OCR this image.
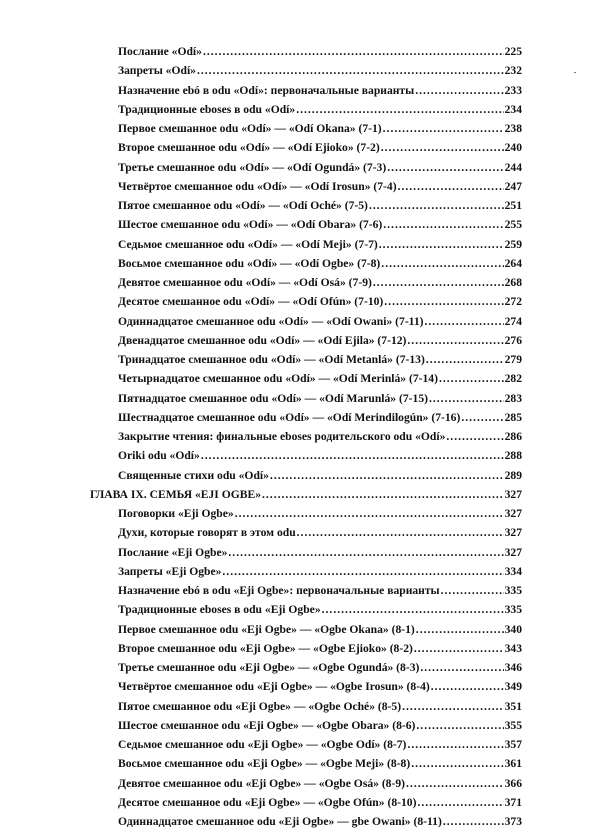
Послание «Odí» .....	225
Запреты «Odí» .....	232
Назначение ebó в odu «Odí»: первоначальные варианты .....	233
Традиционные eboses в odu «Odí» .....	234
Первое смешанное odu «Odí» — «Odí Okana» (7-1) .....	238
Второе смешанное odu «Odí» — «Odí Ejioko» (7-2) .....	240
Третье смешанное odu «Odí» — «Odí Ogundá» (7-3) .....	244
Четвёртое смешанное odu «Odí» — «Odí Irosun» (7-4) .....	247
Пятое смешанное odu «Odí» — «Odí Oché» (7-5) .....	251
Шестое смешанное odu «Odí» — «Odí Obara» (7-6) .....	255
Седьмое смешанное odu «Odí» — «Odí Meji» (7-7) .....	259
Восьмое смешанное odu «Odí» — «Odí Ogbe» (7-8) .....	264
Девятое смешанное odu «Odí» — «Odí Osá» (7-9) .....	268
Десятое смешанное odu «Odí» — «Odí Ofún» (7-10) .....	272
Одиннадцатое смешанное odu «Odí» — «Odí Owani» (7-11) .....	274
Двенадцатое смешанное odu «Odí» — «Odí Ejila» (7-12) .....	276
Тринадцатое смешанное odu «Odí» — «Odí Metanlá» (7-13) .....	279
Четырнадцатое смешанное odu «Odí» — «Odí Merinlá» (7-14) .....	282
Пятнадцатое смешанное odu «Odí» — «Odí Marunlá» (7-15) .....	283
Шестнадцатое смешанное odu «Odí» — «Odí Merindilogún» (7-16) .....	285
Закрытие чтения: финальные eboses родительского odu «Odí» .....	286
Oriki odu «Odí» .....	288
Священные стихи odu «Odí» .....	289
ГЛАВА IX. СЕМЬЯ «EJI OGBE» .....	327
Поговорки «Eji Ogbe» .....	327
Духи, которые говорят в этом odu .....	327
Послание «Eji Ogbe» .....	327
Запреты «Eji Ogbe» .....	334
Назначение ebó в odu «Eji Ogbe»: первоначальные варианты .....	335
Традиционные eboses в odu «Eji Ogbe» .....	335
Первое смешанное odu «Eji Ogbe» — «Ogbe Okana» (8-1) .....	340
Второе смешанное odu «Eji Ogbe» — «Ogbe Ejioko» (8-2) .....	343
Третье смешанное odu «Eji Ogbe» — «Ogbe Ogundá» (8-3) .....	346
Четвёртое смешанное odu «Eji Ogbe» — «Ogbe Irosun» (8-4) .....	349
Пятое смешанное odu «Eji Ogbe» — «Ogbe Oché» (8-5) .....	351
Шестое смешанное odu «Eji Ogbe» — «Ogbe Obara» (8-6) .....	355
Седьмое смешанное odu «Eji Ogbe» — «Ogbe Odí» (8-7) .....	357
Восьмое смешанное odu «Eji Ogbe» — «Ogbe Meji» (8-8) .....	361
Девятое смешанное odu «Eji Ogbe» — «Ogbe Osá» (8-9) .....	366
Десятое смешанное odu «Eji Ogbe» — «Ogbe Ofún» (8-10) .....	371
Одиннадцатое смешанное odu «Eji Ogbe» — gbe Owani» (8-11) .....	373
